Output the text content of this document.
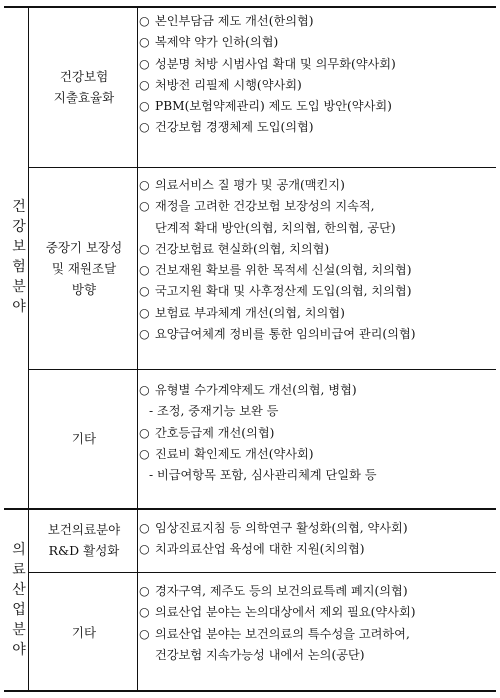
건
강
보
험
분
야
의
료
산
업
분
야
건강보험
지출효율화
중장기 보장성
및 재원조달
방향
기타
보건의료분야
R&D 활성화
기타
○ 본인부담금 제도 개선(한의협)
○ 복제약 약가 인하(의협)
○ 성분명 처방 시범사업 확대 및 의무화(약사회)
○ 처방전 리필제 시행(약사회)
○ PBM(보험약제관리) 제도 도입 방안(약사회)
○ 건강보험 경쟁체제 도입(의협)
○ 의료서비스 질 평가 및 공개(맥킨지)
○ 재정을 고려한 건강보험 보장성의 지속적,
단계적 확대 방안(의협, 치의협, 한의협, 공단)
○ 건강보험료 현실화(의협, 치의협)
○ 건보재원 확보를 위한 목적세 신설(의협, 치의협)
○ 국고지원 확대 및 사후정산제 도입(의협, 치의협)
○ 보험료 부과체계 개선(의협, 치의협)
○ 요양급여체계 정비를 통한 임의비급여 관리(의협)
○ 유형별 수가계약제도 개선(의협, 병협)
- 조정, 중재기능 보완 등
○ 간호등급제 개선(의협)
○ 진료비 확인제도 개선(약사회)
- 비급여항목 포함, 심사관리체계 단일화 등
○ 임상진료지침 등 의학연구 활성화(의협, 약사회)
○ 치과의료산업 육성에 대한 지원(치의협)
○ 경자구역, 제주도 등의 보건의료특례 폐지(의협)
○ 의료산업 분야는 논의대상에서 제외 필요(약사회)
○ 의료산업 분야는 보건의료의 특수성을 고려하여,
건강보험 지속가능성 내에서 논의(공단)
